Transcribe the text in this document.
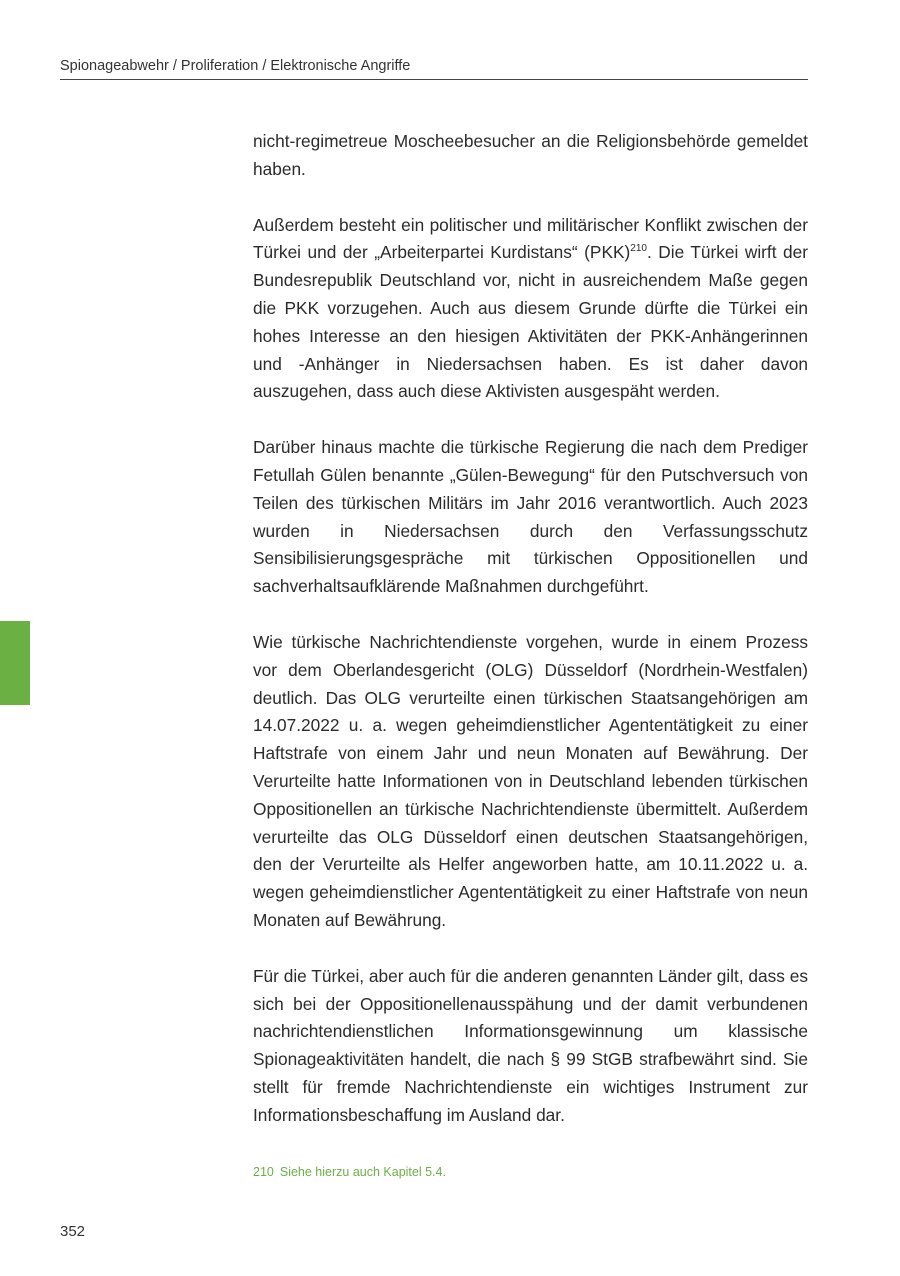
Spionageabwehr / Proliferation / Elektronische Angriffe

nicht-regimetreue Moscheebesucher an die Religionsbehörde gemeldet haben.

Außerdem besteht ein politischer und militärischer Konflikt zwischen der Türkei und der „Arbeiterpartei Kurdistans“ (PKK)$^{210}$. Die Türkei wirft der Bundesrepublik Deutschland vor, nicht in ausreichendem Maße gegen die PKK vorzugehen. Auch aus diesem Grunde dürfte die Türkei ein hohes Interesse an den hiesigen Aktivitäten der PKK-Anhängerinnen und -Anhänger in Niedersachsen haben. Es ist daher davon auszugehen, dass auch diese Aktivisten ausgespäht werden.

Darüber hinaus machte die türkische Regierung die nach dem Prediger Fetullah Gülen benannte „Gülen-Bewegung“ für den Putschversuch von Teilen des türkischen Militärs im Jahr 2016 verantwortlich. Auch 2023 wurden in Niedersachsen durch den Verfassungsschutz Sensibilisierungsgespräche mit türkischen Oppositionellen und sachverhaltsaufklärende Maßnahmen durchgeführt.

Wie türkische Nachrichtendienste vorgehen, wurde in einem Prozess vor dem Oberlandesgericht (OLG) Düsseldorf (Nordrhein-Westfalen) deutlich. Das OLG verurteilte einen türkischen Staatsangehörigen am 14.07.2022 u. a. wegen geheimdienstlicher Agententätigkeit zu einer Haftstrafe von einem Jahr und neun Monaten auf Bewährung. Der Verurteilte hatte Informationen von in Deutschland lebenden türkischen Oppositionellen an türkische Nachrichtendienste übermittelt. Außerdem verurteilte das OLG Düsseldorf einen deutschen Staatsangehörigen, den der Verurteilte als Helfer angeworben hatte, am 10.11.2022 u. a. wegen geheimdienstlicher Agententätigkeit zu einer Haftstrafe von neun Monaten auf Bewährung.

Für die Türkei, aber auch für die anderen genannten Länder gilt, dass es sich bei der Oppositionellenausspähung und der damit verbundenen nachrichtendienstlichen Informationsgewinnung um klassische Spionageaktivitäten handelt, die nach § 99 StGB strafbewährt sind. Sie stellt für fremde Nachrichtendienste ein wichtiges Instrument zur Informationsbeschaffung im Ausland dar.

210 Siehe hierzu auch Kapitel 5.4.
352
